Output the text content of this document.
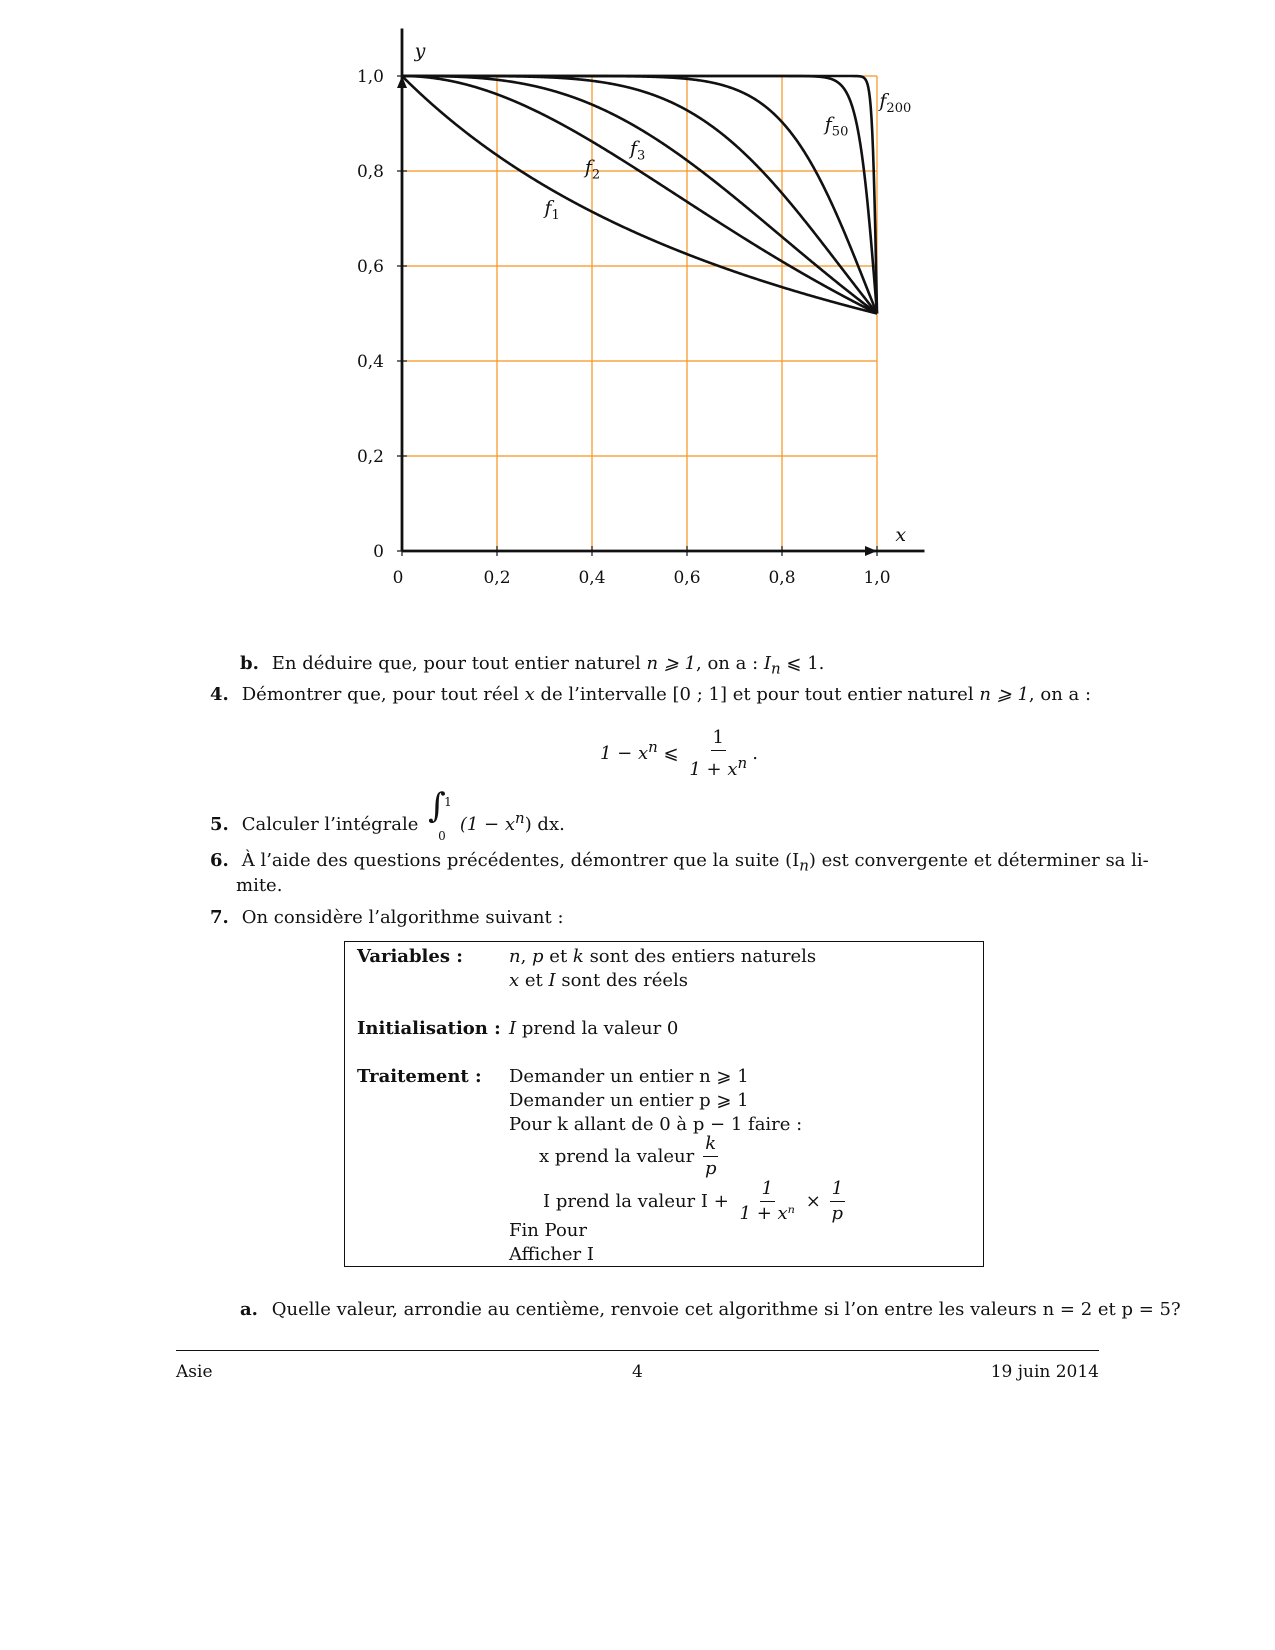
0	0,2	0,4	0,6	0,8	1,0
0
0,2
0,4
0,6
0,8
1,0
x
y
$f_1$
$f_2$
$f_3$
$f_{50}$
$f_{200}$
b. En déduire que, pour tout entier naturel n ⩾ 1, on a : $I_n$ ⩽ 1.
4. Démontrer que, pour tout réel x de l’intervalle [0 ; 1] et pour tout entier naturel n ⩾ 1, on a :
$1 - x^n$ ⩽ $\frac{1}{1 + x^n}$ .
5. Calculer l’intégrale ∫
1
0
$(1 - x^n)$ dx.
6. À l’aide des questions précédentes, démontrer que la suite $(I_n)$ est convergente et déterminer sa li-
mite.
7. On considère l’algorithme suivant :
Variables :	n, p et k sont des entiers naturels
x et I sont des réels
Initialisation : I prend la valeur 0
Traitement : Demander un entier n ⩾ 1
Demander un entier p ⩾ 1
Pour k allant de 0 à p − 1 faire :
x prend la valeur $\frac{k}{p}$
I prend la valeur $I + \frac{1}{\text{1 + xⁿ}} \times \frac{1}{p}$
Fin Pour
Afficher I
a. Quelle valeur, arrondie au centième, renvoie cet algorithme si l’on entre les valeurs n = 2 et p = 5?
Asie	4	19 juin 2014
